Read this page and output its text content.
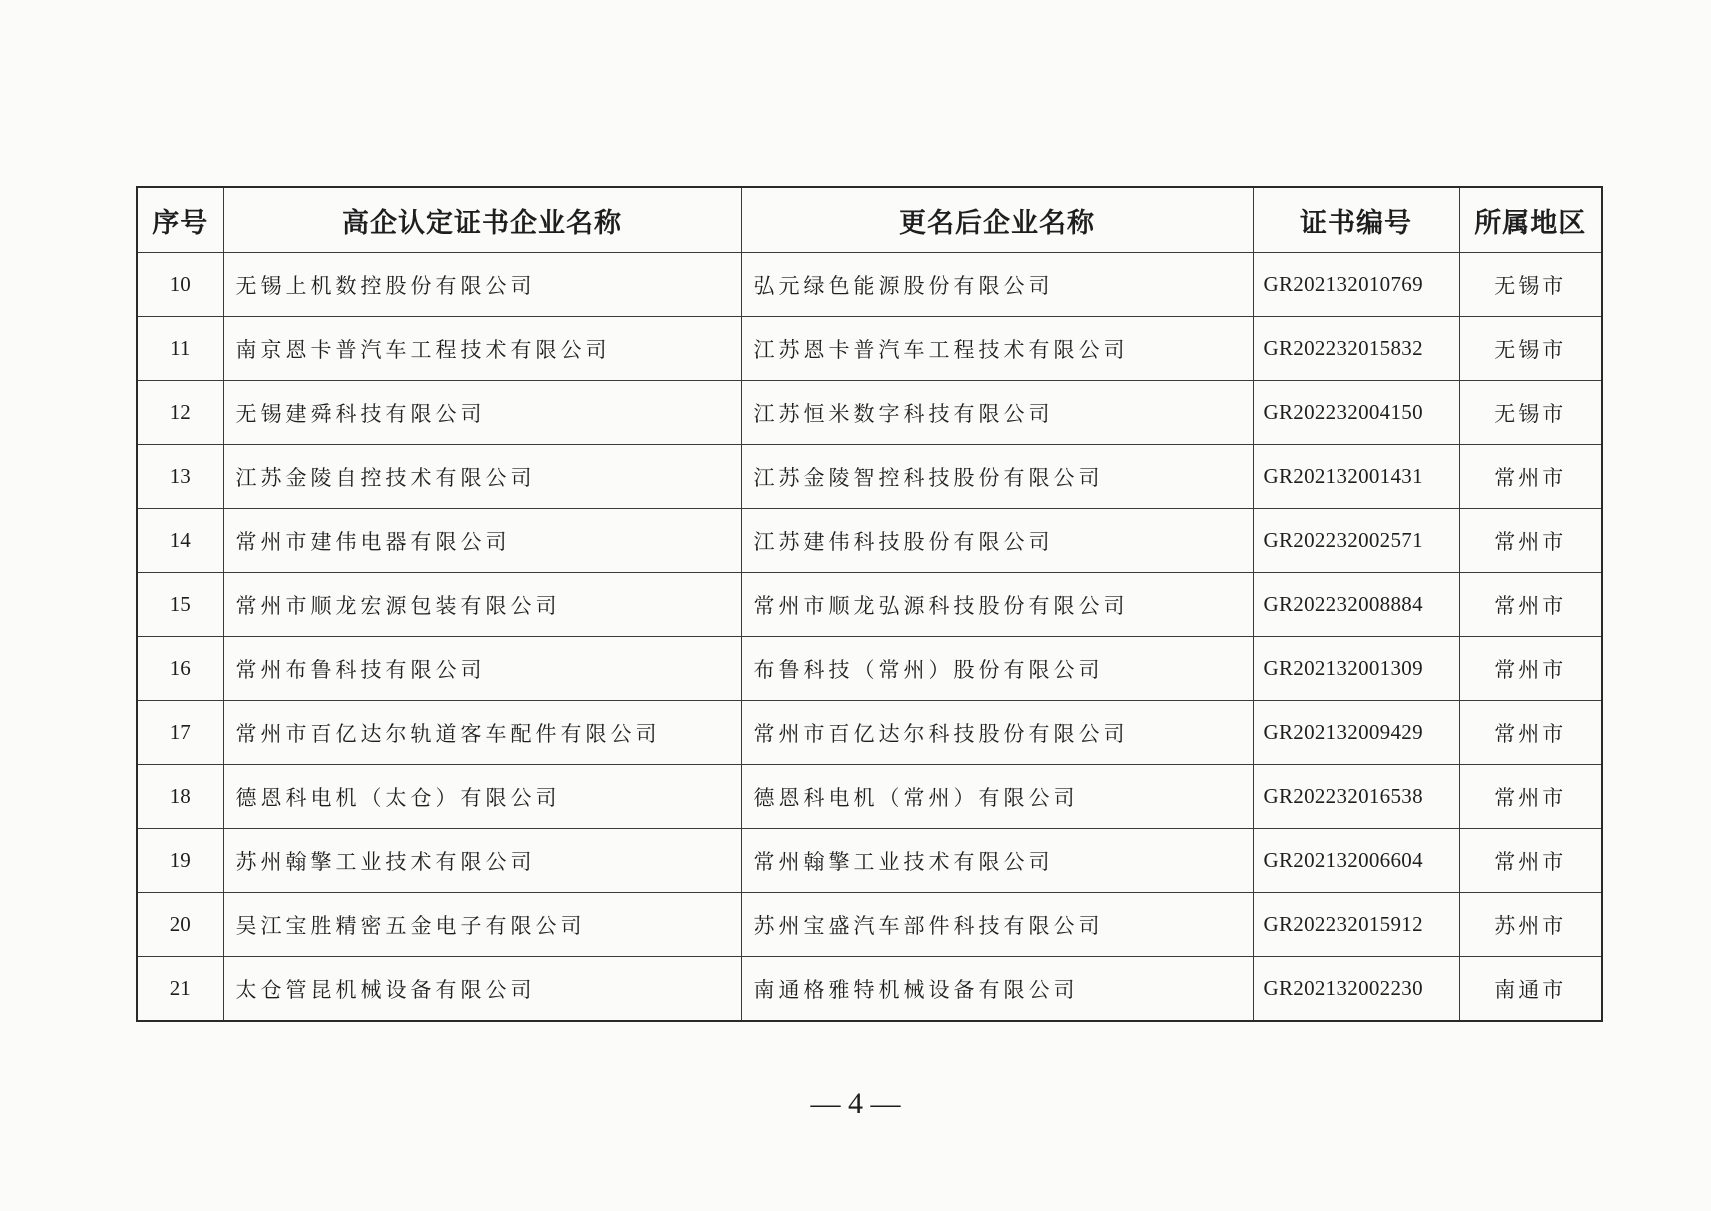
序号	高企认定证书企业名称	更名后企业名称	证书编号	所属地区
10	无锡上机数控股份有限公司	弘元绿色能源股份有限公司	GR202132010769	无锡市
11	南京恩卡普汽车工程技术有限公司	江苏恩卡普汽车工程技术有限公司	GR202232015832	无锡市
12	无锡建舜科技有限公司	江苏恒米数字科技有限公司	GR202232004150	无锡市
13	江苏金陵自控技术有限公司	江苏金陵智控科技股份有限公司	GR202132001431	常州市
14	常州市建伟电器有限公司	江苏建伟科技股份有限公司	GR202232002571	常州市
15	常州市顺龙宏源包装有限公司	常州市顺龙弘源科技股份有限公司	GR202232008884	常州市
16	常州布鲁科技有限公司	布鲁科技（常州）股份有限公司	GR202132001309	常州市
17	常州市百亿达尔轨道客车配件有限公司	常州市百亿达尔科技股份有限公司	GR202132009429	常州市
18	德恩科电机（太仓）有限公司	德恩科电机（常州）有限公司	GR202232016538	常州市
19	苏州翰擎工业技术有限公司	常州翰擎工业技术有限公司	GR202132006604	常州市
20	吴江宝胜精密五金电子有限公司	苏州宝盛汽车部件科技有限公司	GR202232015912	苏州市
21	太仓管昆机械设备有限公司	南通格雅特机械设备有限公司	GR202132002230	南通市
— 4 —
